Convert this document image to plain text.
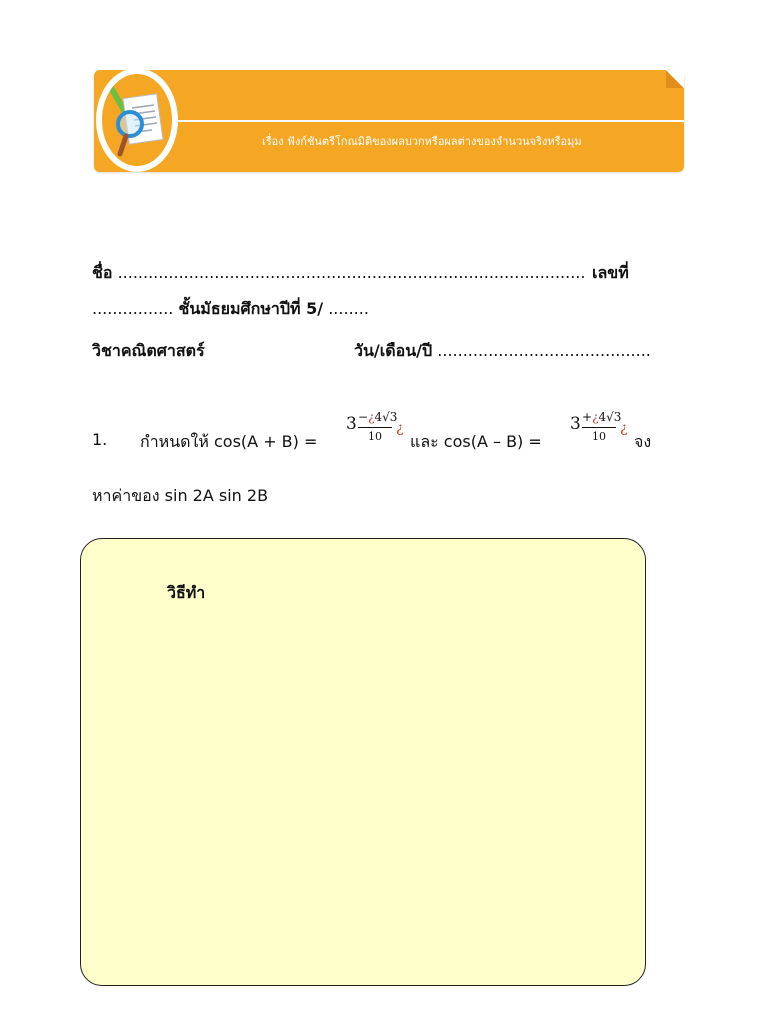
เรื่อง ฟังก์ชันตรีโกณมิติของผลบวกหรือผลต่างของจำนวนจริงหรือมุม
ชื่อ ............................................................................................ เลขที่
................ ชั้นมัธยมศึกษาปีที่ 5/ ........
วิชาคณิตศาสตร์	วัน/เดือน/ปี ..........................................
1. กำหนดให้ cos(A + B) =
3 −¿4√3
10
¿
และ cos(A – B) =
3 +¿4√3
10
¿
จง
หาค่าของ sin 2A sin 2B
วิธีทำ
